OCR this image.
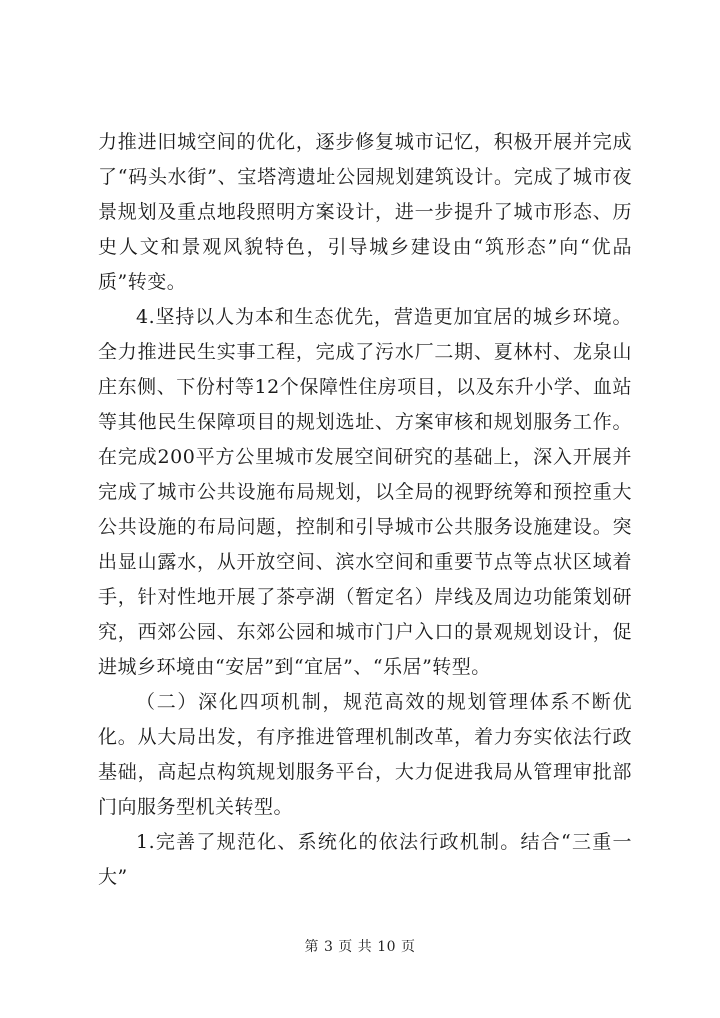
力推进旧城空间的优化，逐步修复城市记忆，积极开展并完成了“码头水街”、宝塔湾遗址公园规划建筑设计。完成了城市夜景规划及重点地段照明方案设计，进一步提升了城市形态、历史人文和景观风貌特色，引导城乡建设由“筑形态”向“优品质”转变。

4.坚持以人为本和生态优先，营造更加宜居的城乡环境。全力推进民生实事工程，完成了污水厂二期、夏林村、龙泉山庄东侧、下份村等12个保障性住房项目，以及东升小学、血站等其他民生保障项目的规划选址、方案审核和规划服务工作。在完成200平方公里城市发展空间研究的基础上，深入开展并完成了城市公共设施布局规划，以全局的视野统筹和预控重大公共设施的布局问题，控制和引导城市公共服务设施建设。突出显山露水，从开放空间、滨水空间和重要节点等点状区域着手，针对性地开展了茶亭湖（暂定名）岸线及周边功能策划研究，西郊公园、东郊公园和城市门户入口的景观规划设计，促进城乡环境由“安居”到“宜居”、“乐居”转型。

（二）深化四项机制，规范高效的规划管理体系不断优化。从大局出发，有序推进管理机制改革，着力夯实依法行政基础，高起点构筑规划服务平台，大力促进我局从管理审批部门向服务型机关转型。

1.完善了规范化、系统化的依法行政机制。结合“三重一大”

第 3 页 共 10 页
